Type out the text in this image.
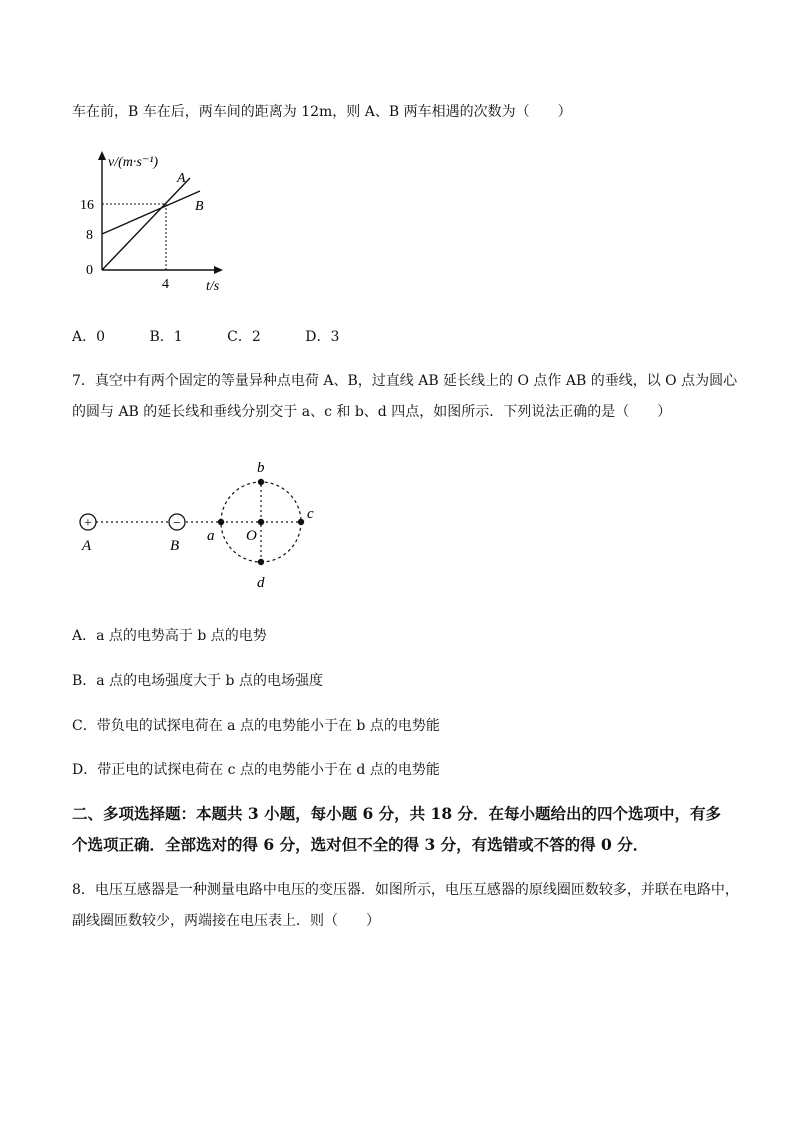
车在前，B 车在后，两车间的距离为 12m，则 A、B 两车相遇的次数为（　　）
v/(m·s⁻¹)
A
B
16
8
0
4	t/s
A．0	B．1	C．2	D．3
7．真空中有两个固定的等量异种点电荷 A、B，过直线 AB 延长线上的 O 点作 AB 的垂线，以 O 点为圆心
的圆与 AB 的延长线和垂线分别交于 a、c 和 b、d 四点，如图所示．下列说法正确的是（　　）
+	−
A	B
a O
c
b
d
A．a 点的电势高于 b 点的电势
B．a 点的电场强度大于 b 点的电场强度
C．带负电的试探电荷在 a 点的电势能小于在 b 点的电势能
D．带正电的试探电荷在 c 点的电势能小于在 d 点的电势能
二、多项选择题：本题共 3 小题，每小题 6 分，共 18 分．在每小题给出的四个选项中，有多
个选项正确．全部选对的得 6 分，选对但不全的得 3 分，有选错或不答的得 0 分．
8．电压互感器是一种测量电路中电压的变压器．如图所示，电压互感器的原线圈匝数较多，并联在电路中，
副线圈匝数较少，两端接在电压表上．则（　　）
